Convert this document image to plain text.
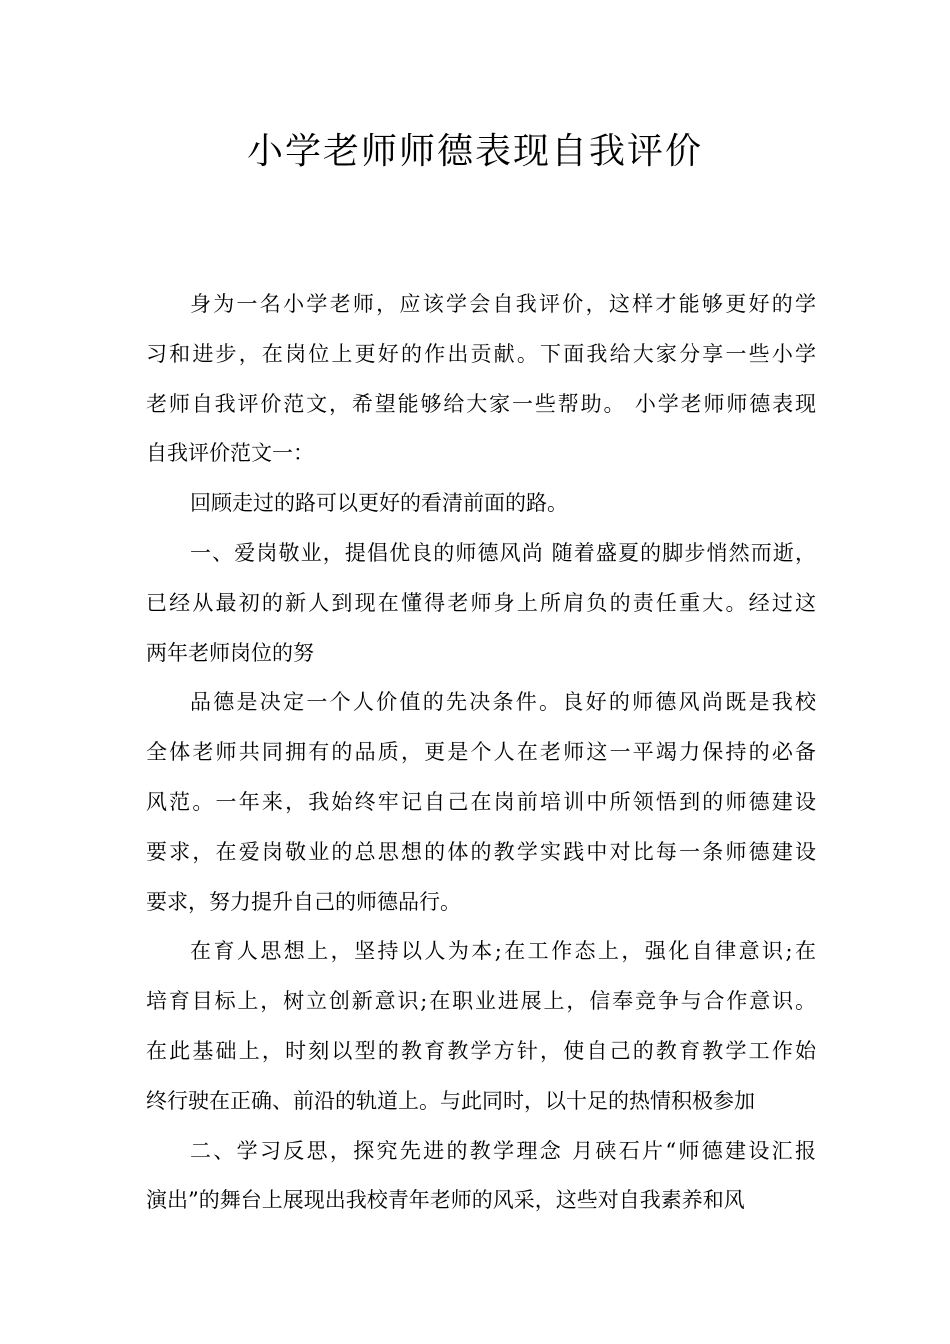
小学老师师德表现自我评价
身为一名小学老师，应该学会自我评价，这样才能够更好的学
习和进步，在岗位上更好的作出贡献。下面我给大家分享一些小学
老师自我评价范文，希望能够给大家一些帮助。 小学老师师德表现
自我评价范文一：
回顾走过的路可以更好的看清前面的路。
一、爱岗敬业，提倡优良的师德风尚 随着盛夏的脚步悄然而逝，
已经从最初的新人到现在懂得老师身上所肩负的责任重大。经过这
两年老师岗位的努
品德是决定一个人价值的先决条件。良好的师德风尚既是我校
全体老师共同拥有的品质，更是个人在老师这一平竭力保持的必备
风范。一年来，我始终牢记自己在岗前培训中所领悟到的师德建设
要求，在爱岗敬业的总思想的体的教学实践中对比每一条师德建设
要求，努力提升自己的师德品行。
在育人思想上，坚持以人为本;在工作态上，强化自律意识;在
培育目标上，树立创新意识;在职业进展上，信奉竞争与合作意识。
在此基础上，时刻以型的教育教学方针，使自己的教育教学工作始
终行驶在正确、前沿的轨道上。与此同时，以十足的热情积极参加
二、学习反思，探究先进的教学理念 月硖石片“师德建设汇报
演出”的舞台上展现出我校青年老师的风采，这些对自我素养和风
